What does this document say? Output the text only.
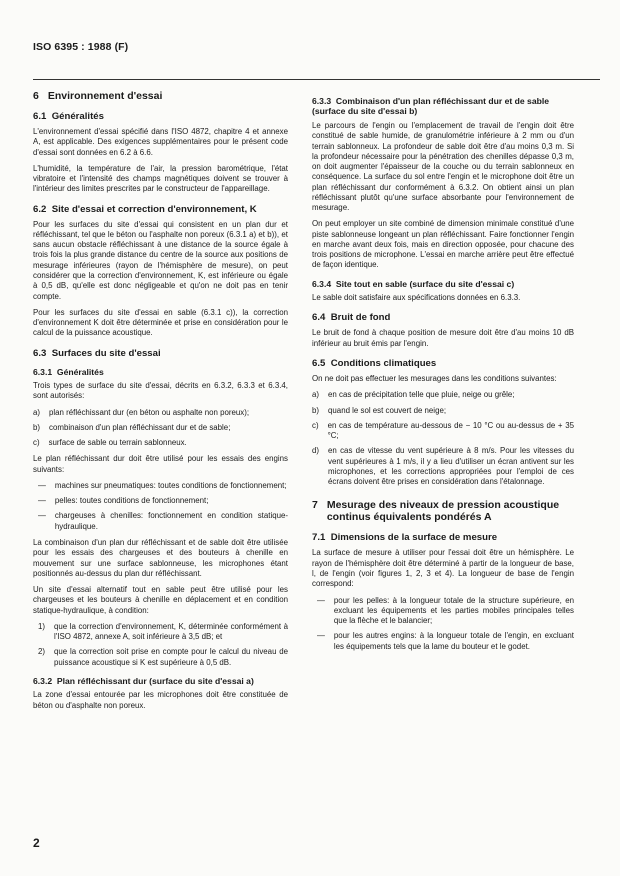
ISO 6395 : 1988 (F)
6 Environnement d'essai
6.1 Généralités
L'environnement d'essai spécifié dans l'ISO 4872, chapitre 4 et annexe A, est applicable. Des exigences supplémentaires pour le présent code d'essai sont données en 6.2 à 6.6.
L'humidité, la température de l'air, la pression barométrique, l'état vibratoire et l'intensité des champs magnétiques doivent se trouver à l'intérieur des limites prescrites par le constructeur de l'appareillage.
6.2 Site d'essai et correction d'environnement, K
Pour les surfaces du site d'essai qui consistent en un plan dur et réfléchissant, tel que le béton ou l'asphalte non poreux (6.3.1 a) et b)), et sans aucun obstacle réfléchissant à une distance de la source égale à trois fois la plus grande distance du centre de la source aux positions de mesurage inférieures (rayon de l'hémisphère de mesure), on peut considérer que la correction d'environnement, K, est inférieure ou égale à 0,5 dB, qu'elle est donc négligeable et qu'on ne doit pas en tenir compte.
Pour les surfaces du site d'essai en sable (6.3.1 c)), la correction d'environnement K doit être déterminée et prise en considération pour le calcul de la puissance acoustique.
6.3 Surfaces du site d'essai
6.3.1 Généralités
Trois types de surface du site d'essai, décrits en 6.3.2, 6.3.3 et 6.3.4, sont autorisés:
a) plan réfléchissant dur (en béton ou asphalte non poreux);
b) combinaison d'un plan réfléchissant dur et de sable;
c) surface de sable ou terrain sablonneux.
Le plan réfléchissant dur doit être utilisé pour les essais des engins suivants:
— machines sur pneumatiques: toutes conditions de fonctionnement;
— pelles: toutes conditions de fonctionnement;
— chargeuses à chenilles: fonctionnement en condition statique-hydraulique.
La combinaison d'un plan dur réfléchissant et de sable doit être utilisée pour les essais des chargeuses et des bouteurs à chenille en mouvement sur une surface sablonneuse, les microphones étant positionnés au-dessus du plan dur réfléchissant.
Un site d'essai alternatif tout en sable peut être utilisé pour les chargeuses et les bouteurs à chenille en déplacement et en condition statique-hydraulique, à condition:
1) que la correction d'environnement, K, déterminée conformément à l'ISO 4872, annexe A, soit inférieure à 3,5 dB; et
2) que la correction soit prise en compte pour le calcul du niveau de puissance acoustique si K est supérieure à 0,5 dB.
6.3.2 Plan réfléchissant dur (surface du site d'essai a)
La zone d'essai entourée par les microphones doit être constituée de béton ou d'asphalte non poreux.
6.3.3 Combinaison d'un plan réfléchissant dur et de sable (surface du site d'essai b)
Le parcours de l'engin ou l'emplacement de travail de l'engin doit être constitué de sable humide, de granulométrie inférieure à 2 mm ou d'un terrain sablonneux. La profondeur de sable doit être d'au moins 0,3 m. Si la profondeur nécessaire pour la pénétration des chenilles dépasse 0,3 m, on doit augmenter l'épaisseur de la couche ou du terrain sablonneux en conséquence. La surface du sol entre l'engin et le microphone doit être un plan réfléchissant dur conformément à 6.3.2. On obtient ainsi un plan réfléchissant plutôt qu'une surface absorbante pour l'environnement de mesurage.
On peut employer un site combiné de dimension minimale constitué d'une piste sablonneuse longeant un plan réfléchissant. Faire fonctionner l'engin en marche avant deux fois, mais en direction opposée, pour chacune des trois positions de microphone. L'essai en marche arrière peut être effectué de façon identique.
6.3.4 Site tout en sable (surface du site d'essai c)
Le sable doit satisfaire aux spécifications données en 6.3.3.
6.4 Bruit de fond
Le bruit de fond à chaque position de mesure doit être d'au moins 10 dB inférieur au bruit émis par l'engin.
6.5 Conditions climatiques
On ne doit pas effectuer les mesurages dans les conditions suivantes:
a) en cas de précipitation telle que pluie, neige ou grêle;
b) quand le sol est couvert de neige;
c) en cas de température au-dessous de − 10 °C ou au-dessus de + 35 °C;
d) en cas de vitesse du vent supérieure à 8 m/s. Pour les vitesses du vent supérieures à 1 m/s, il y a lieu d'utiliser un écran antivent sur les microphones, et les corrections appropriées pour l'emploi de ces écrans doivent être prises en considération dans l'étalonnage.
7 Mesurage des niveaux de pression acoustique continus équivalents pondérés A
7.1 Dimensions de la surface de mesure
La surface de mesure à utiliser pour l'essai doit être un hémisphère. Le rayon de l'hémisphère doit être déterminé à partir de la longueur de base, l, de l'engin (voir figures 1, 2, 3 et 4). La longueur de base de l'engin correspond:
— pour les pelles: à la longueur totale de la structure supérieure, en excluant les équipements et les parties mobiles principales telles que la flèche et le balancier;
— pour les autres engins: à la longueur totale de l'engin, en excluant les équipements tels que la lame du bouteur et le godet.
2
